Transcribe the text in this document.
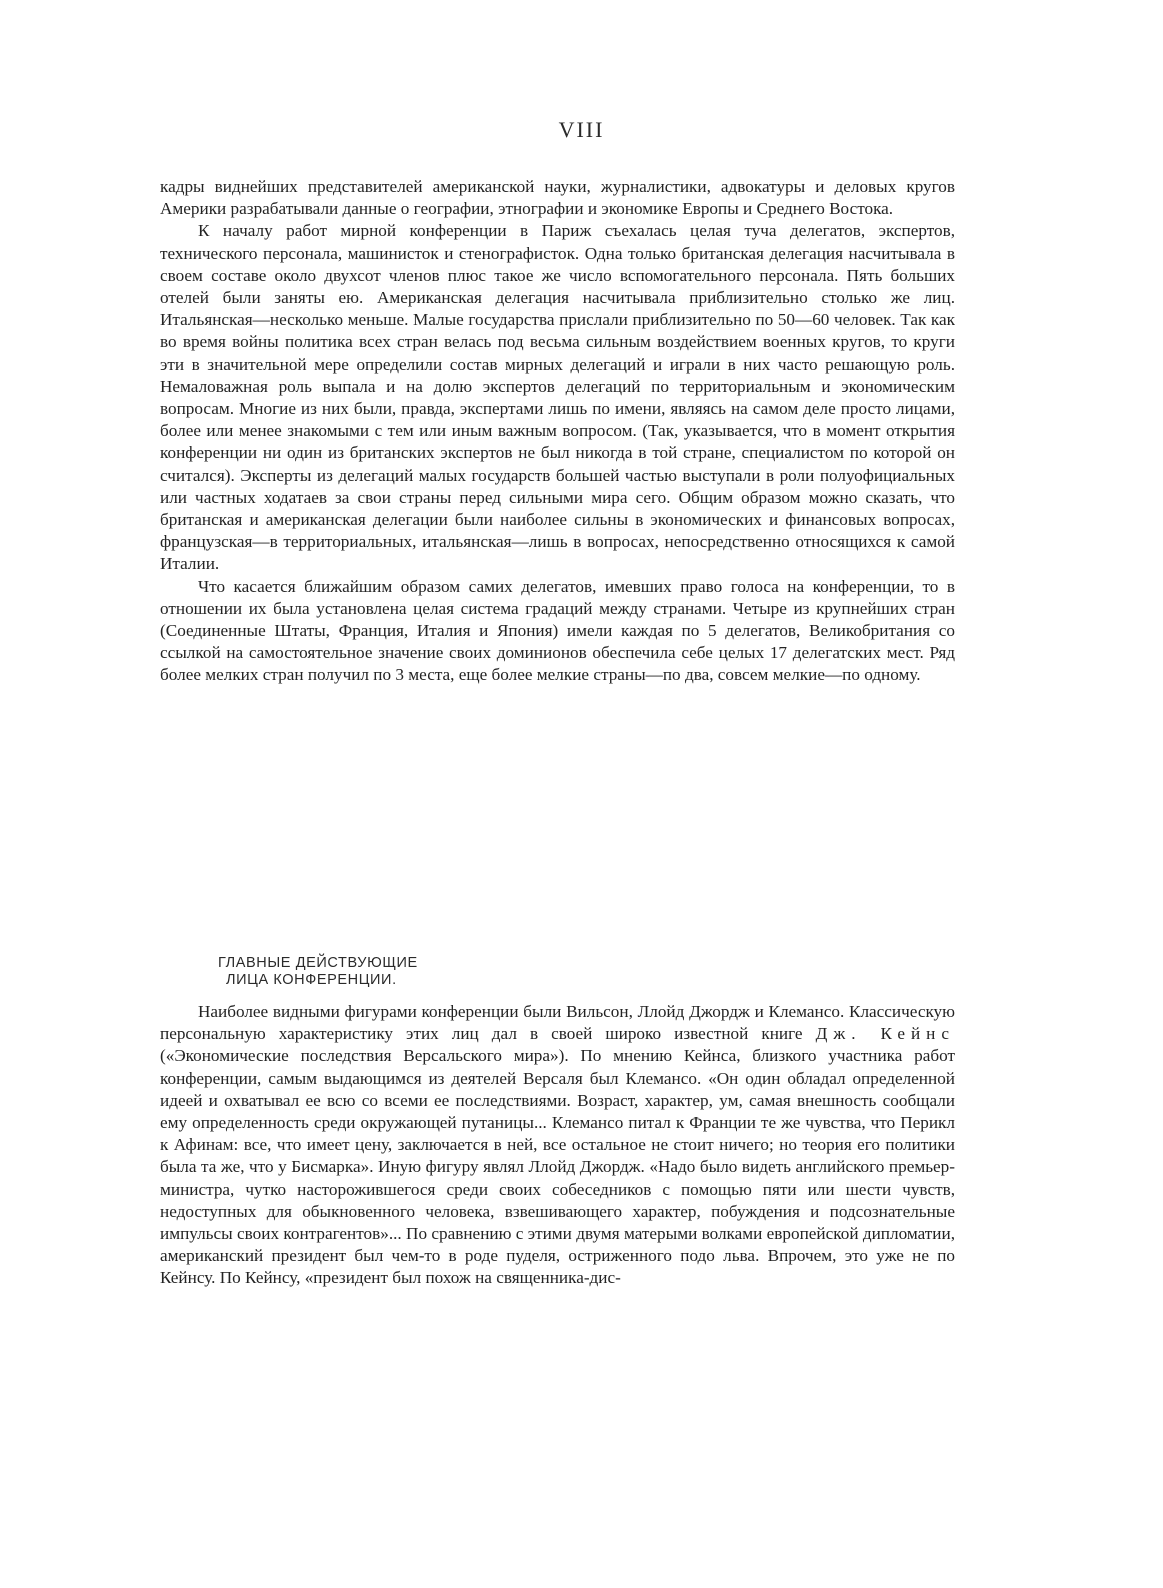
VIII

кадры виднейших представителей американской науки, журналистики, адвокатуры и деловых кругов Америки разрабатывали данные о географии, этнографии и экономике Европы и Среднего Востока.

К началу работ мирной конференции в Париж съехалась целая туча делегатов, экспертов, технического персонала, машинисток и стенографисток. Одна только британская делегация насчитывала в своем составе около двухсот членов плюс такое же число вспомогательного персонала. Пять больших отелей были заняты ею. Американская делегация насчитывала приблизительно столько же лиц. Итальянская—несколько меньше. Малые государства прислали приблизительно по 50—60 человек. Так как во время войны политика всех стран велась под весьма сильным воздействием военных кругов, то круги эти в значительной мере определили состав мирных делегаций и играли в них часто решающую роль. Немаловажная роль выпала и на долю экспертов делегаций по территориальным и экономическим вопросам. Многие из них были, правда, экспертами лишь по имени, являясь на самом деле просто лицами, более или менее знакомыми с тем или иным важным вопросом. (Так, указывается, что в момент открытия конференции ни один из британских экспертов не был никогда в той стране, специалистом по которой он считался). Эксперты из делегаций малых государств большей частью выступали в роли полуофициальных или частных ходатаев за свои страны перед сильными мира сего. Общим образом можно сказать, что британская и американская делегации были наиболее сильны в экономических и финансовых вопросах, французская—в территориальных, итальянская—лишь в вопросах, непосредственно относящихся к самой Италии.

Что касается ближайшим образом самих делегатов, имевших право голоса на конференции, то в отношении их была установлена целая система градаций между странами. Четыре из крупнейших стран (Соединенные Штаты, Франция, Италия и Япония) имели каждая по 5 делегатов, Великобритания со ссылкой на самостоятельное значение своих доминионов обеспечила себе целых 17 делегатских мест. Ряд более мелких стран получил по 3 места, еще более мелкие страны—по два, совсем мелкие—по одному.

ГЛАВНЫЕ ДЕЙСТВУЮЩИЕ
ЛИЦА КОНФЕРЕНЦИИ.

Наиболее видными фигурами конференции были Вильсон, Ллойд Джордж и Клемансо. Классическую персональную характеристику этих лиц дал в своей широко известной книге Дж. Кейнс («Экономические последствия Версальского мира»). По мнению Кейнса, близкого участника работ конференции, самым выдающимся из деятелей Версаля был Клемансо. «Он один обладал определенной идеей и охватывал ее всю со всеми ее последствиями. Возраст, характер, ум, самая внешность сообщали ему определенность среди окружающей путаницы... Клемансо питал к Франции те же чувства, что Перикл к Афинам: все, что имеет цену, заключается в ней, все остальное не стоит ничего; но теория его политики была та же, что у Бисмарка». Иную фигуру являл Ллойд Джордж. «Надо было видеть английского премьер-министра, чутко насторожившегося среди своих собеседников с помощью пяти или шести чувств, недоступных для обыкновенного человека, взвешивающего характер, побуждения и подсознательные импульсы своих контрагентов»... По сравнению с этими двумя матерыми волками европейской дипломатии, американский президент был чем-то в роде пуделя, остриженного подо льва. Впрочем, это уже не по Кейнсу. По Кейнсу, «президент был похож на священника-дис-
